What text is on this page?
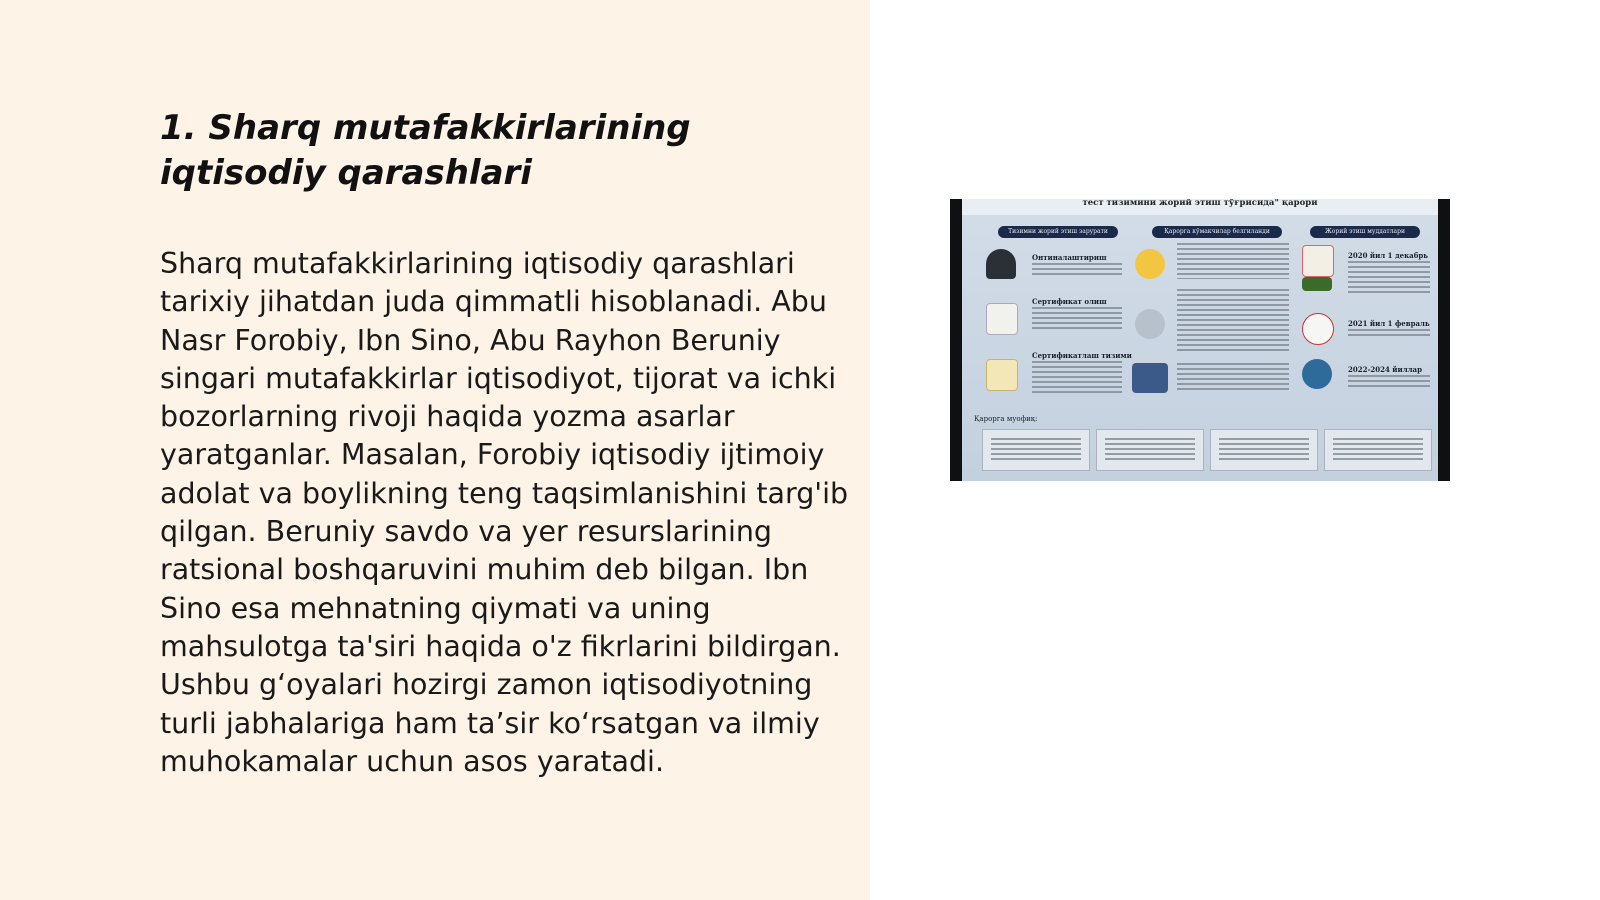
1. Sharq mutafakkirlarining iqtisodiy qarashlari

Sharq mutafakkirlarining iqtisodiy qarashlari tarixiy jihatdan juda qimmatli hisoblanadi. Abu Nasr Forobiy, Ibn Sino, Abu Rayhon Beruniy singari mutafakkirlar iqtisodiyot, tijorat va ichki bozorlarning rivoji haqida yozma asarlar yaratganlar. Masalan, Forobiy iqtisodiy ijtimoiy adolat va boylikning teng taqsimlanishini targ'ib qilgan. Beruniy savdo va yer resurslarining ratsional boshqaruvini muhim deb bilgan. Ibn Sino esa mehnatning qiymati va uning mahsulotga ta'siri haqida o'z fikrlarini bildirgan. Ushbu g‘oyalari hozirgi zamon iqtisodiyotning turli jabhalariga ham ta’sir ko‘rsatgan va ilmiy muhokamalar uchun asos yaratadi.

тест тизимини жорий этиш тўғрисида" қарори
Тизимни жорий этиш зарурати	Қарорга кўмакчилар белгиланди	Жорий этиш муддатлари
Онтиналаштириш
Сертификат олиш
Сертификатлаш тизими
2020 йил 1 декабрь
2021 йил 1 февраль
2022-2024 йиллар
Қарорга муофиқ:
